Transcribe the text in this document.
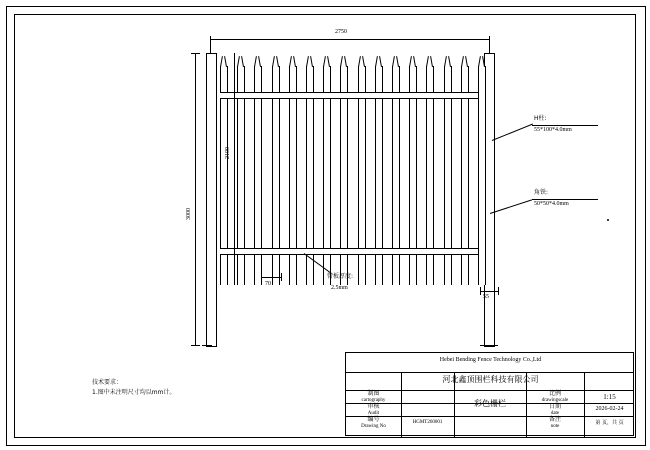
2750
2100
3000
70
55
H柱:
55*100*4.0mm
角铁:
50*50*4.0mm
管板厚度:
2.5mm
技术要求：
1.图中未注明尺寸均以mm计。
Hebei Bending Fence Technology Co.,Ltd
河北鑫顶围栏科技有限公司
制图
cartography
审核
Audit
编号
Drawing No
HGMT260001
彩色栅栏
比例
drawingscale
日期
date
备注
note
1:15
2026-02-24
第 页，共 页
